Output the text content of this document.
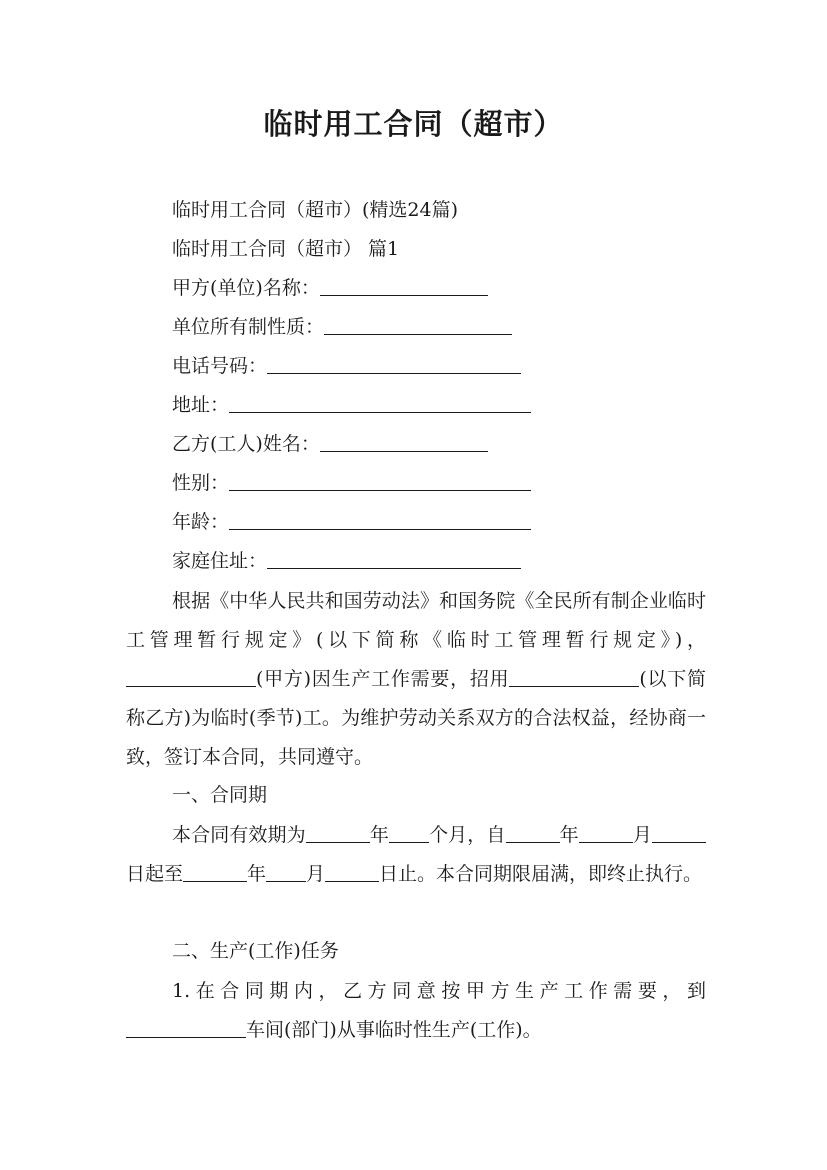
临时用工合同（超市）
临时用工合同（超市）(精选24篇)
临时用工合同（超市） 篇1
甲方(单位)名称：
单位所有制性质：
电话号码：
地址：
乙方(工人)姓名：
性别：
年龄：
家庭住址：
根据《中华人民共和国劳动法》和国务院《全民所有制企业临时工管理暂行规定》(以下简称《临时工管理暂行规定》)，(甲方)因生产工作需要，招用	(以下简称乙方)为临时(季节)工。为维护劳动关系双方的合法权益，经协商一致，签订本合同，共同遵守。
一、合同期
本合同有效期为	年 个月，自	年	月日起至	年 月	日止。本合同期限届满，即终止执行。
二、生产(工作)任务
1.在合同期内，乙方同意按甲方生产工作需要，到车间(部门)从事临时性生产(工作)。
